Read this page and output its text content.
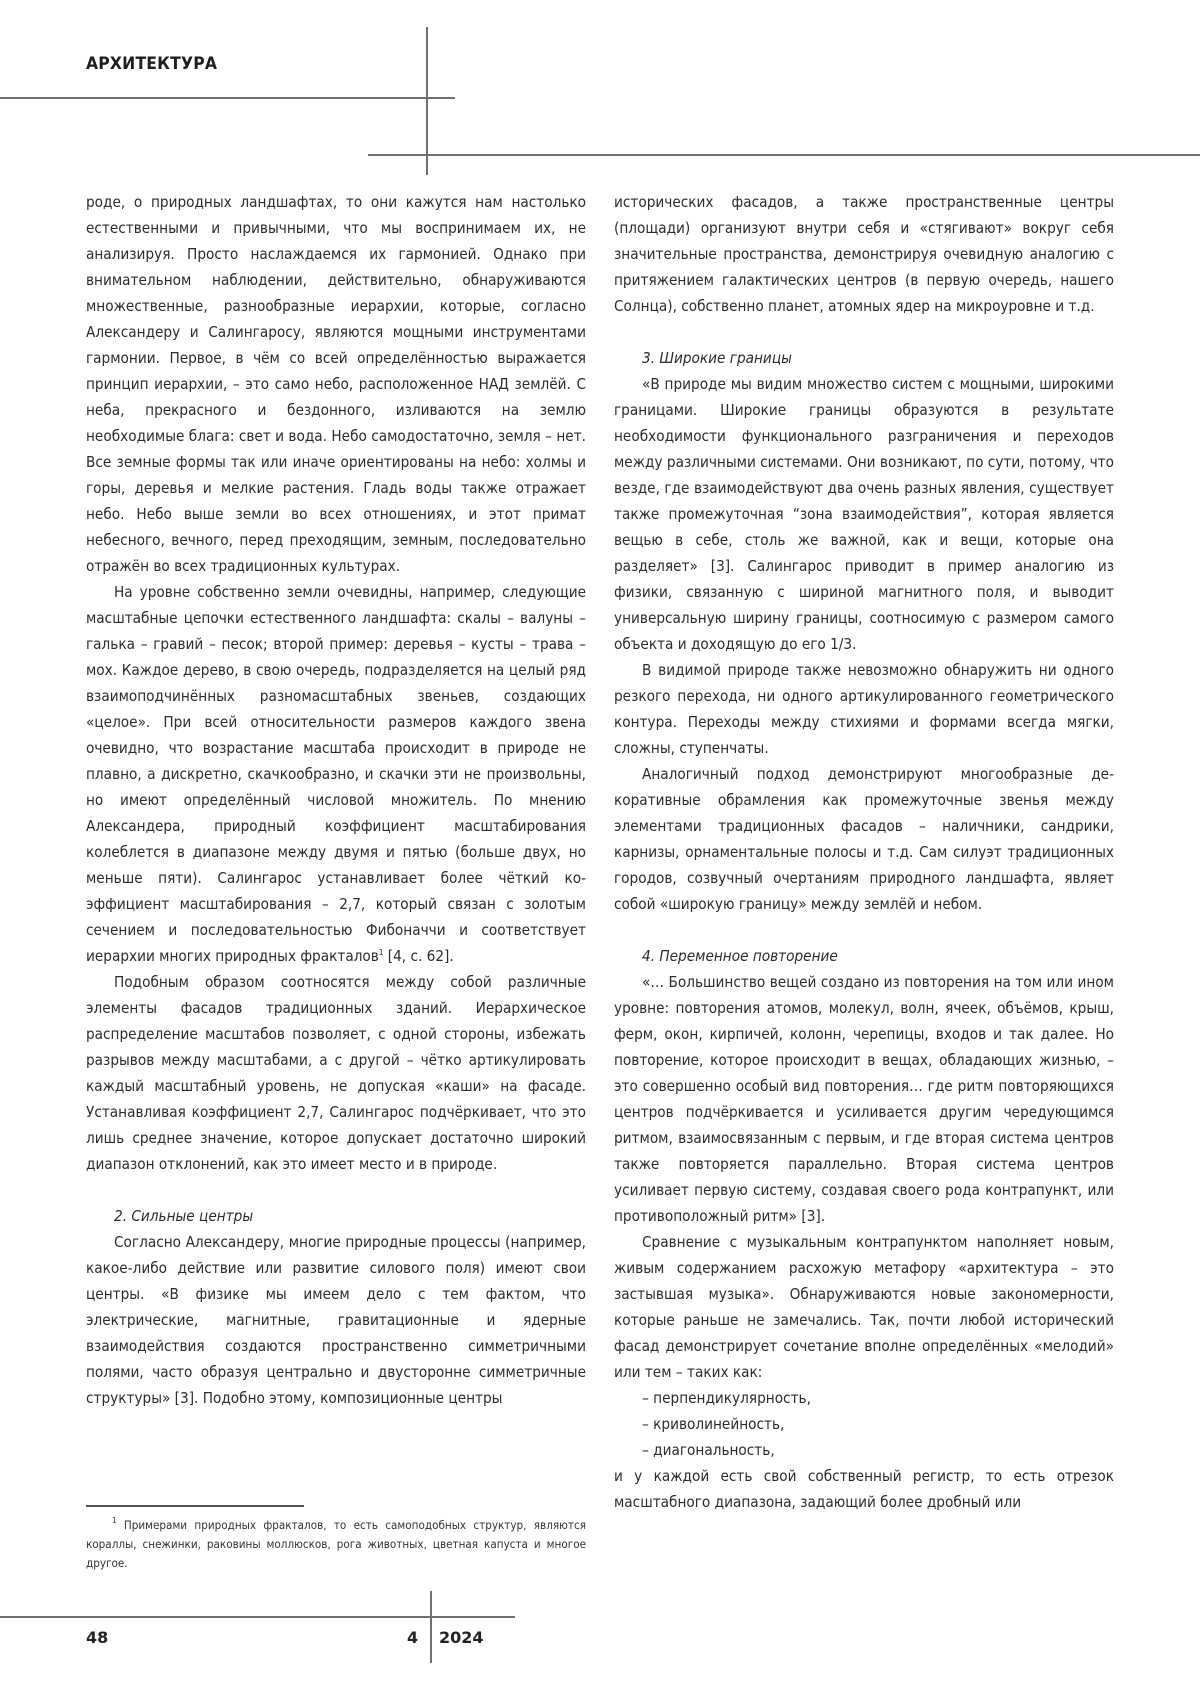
АРХИТЕКТУРА

роде, о природных ландшафтах, то они кажутся нам настолько естественными и привычными, что мы воспринимаем их, не анализируя. Просто наслаждаемся их гармонией. Однако при внимательном наблюдении, действительно, обнаруживаются множественные, разнообразные иерархии, которые, согласно Александеру и Салингаросу, являются мощными инструментами гармонии. Первое, в чём со всей определённостью выражается принцип иерархии, – это само небо, расположенное НАД землёй. С неба, прекрасного и бездонного, изливаются на землю необходимые блага: свет и вода. Небо самодостаточно, земля – нет. Все земные формы так или иначе ориентированы на небо: холмы и горы, деревья и мелкие растения. Гладь воды также отражает небо. Небо выше земли во всех отношениях, и этот примат небесного, вечного, перед преходящим, земным, последовательно отражён во всех традиционных культурах.

На уровне собственно земли очевидны, например, следующие масштабные цепочки естественного ландшафта: скалы – валуны – галька – гравий – песок; второй пример: деревья – кусты – трава – мох. Каждое дерево, в свою очередь, подразделяется на целый ряд взаимоподчинённых разномасштабных звеньев, создающих «целое». При всей относительности размеров каждого звена очевидно, что возрастание масштаба происходит в природе не плавно, а дискретно, скачкообразно, и скачки эти не произвольны, но имеют определённый числовой множитель. По мнению Александера, природный коэффициент масштабирования колеблется в диапазоне между двумя и пятью (больше двух, но меньше пяти). Салингарос устанавливает более чёткий коэффициент масштабирования – 2,7, который связан с золотым сечением и последовательностью Фибоначчи и соответствует иерархии многих природных фракталов$^1$ [4, с. 62].

Подобным образом соотносятся между собой различные элементы фасадов традиционных зданий. Иерархическое распределение масштабов позволяет, с одной стороны, избежать разрывов между масштабами, а с другой – чётко артикулировать каждый масштабный уровень, не допуская «каши» на фасаде. Устанавливая коэффициент 2,7, Салингарос подчёркивает, что это лишь среднее значение, которое допускает достаточно широкий диапазон отклонений, как это имеет место и в природе.

2. Сильные центры

Согласно Александеру, многие природные процессы (например, какое-либо действие или развитие силового поля) имеют свои центры. «В физике мы имеем дело с тем фактом, что электрические, магнитные, гравитационные и ядерные взаимодействия создаются пространственно симметричными полями, часто образуя центрально и двусторонне симметричные структуры» [3]. Подобно этому, композиционные центры

исторических фасадов, а также пространственные центры (площади) организуют внутри себя и «стягивают» вокруг себя значительные пространства, демонстрируя очевидную аналогию с притяжением галактических центров (в первую очередь, нашего Солнца), собственно планет, атомных ядер на микроуровне и т.д.

3. Широкие границы

«В природе мы видим множество систем с мощными, широкими границами. Широкие границы образуются в результате необходимости функционального разграничения и переходов между различными системами. Они возникают, по сути, потому, что везде, где взаимодействуют два очень разных явления, существует также промежуточная “зона взаимодействия”, которая является вещью в себе, столь же важной, как и вещи, которые она разделяет» [3]. Салингарос приводит в пример аналогию из физики, связанную с шириной магнитного поля, и выводит универсальную ширину границы, соотносимую с размером самого объекта и доходящую до его 1/3.

В видимой природе также невозможно обнаружить ни одного резкого перехода, ни одного артикулированного геометрического контура. Переходы между стихиями и формами всегда мягки, сложны, ступенчаты.

Аналогичный подход демонстрируют многообразные декоративные обрамления как промежуточные звенья между элементами традиционных фасадов – наличники, сандрики, карнизы, орнаментальные полосы и т.д. Сам силуэт традиционных городов, созвучный очертаниям природного ландшафта, являет собой «широкую границу» между землёй и небом.

4. Переменное повторение

«… Большинство вещей создано из повторения на том или ином уровне: повторения атомов, молекул, волн, ячеек, объёмов, крыш, ферм, окон, кирпичей, колонн, черепицы, входов и так далее. Но повторение, которое происходит в вещах, обладающих жизнью, – это совершенно особый вид повторения… где ритм повторяющихся центров подчёркивается и усиливается другим чередующимся ритмом, взаимосвязанным с первым, и где вторая система центров также повторяется параллельно. Вторая система центров усиливает первую систему, создавая своего рода контрапункт, или противоположный ритм» [3].

Сравнение с музыкальным контрапунктом наполняет новым, живым содержанием расхожую метафору «архитектура – это застывшая музыка». Обнаруживаются новые закономерности, которые раньше не замечались. Так, почти любой исторический фасад демонстрирует сочетание вполне определённых «мелодий» или тем – таких как:

– перпендикулярность,

– криволинейность,

– диагональность,

и у каждой есть свой собственный регистр, то есть отрезок масштабного диапазона, задающий более дробный или

$^1$ Примерами природных фракталов, то есть самоподобных структур, являются кораллы, снежинки, раковины моллюсков, рога животных, цветная капуста и многое другое.
48	4 2024
